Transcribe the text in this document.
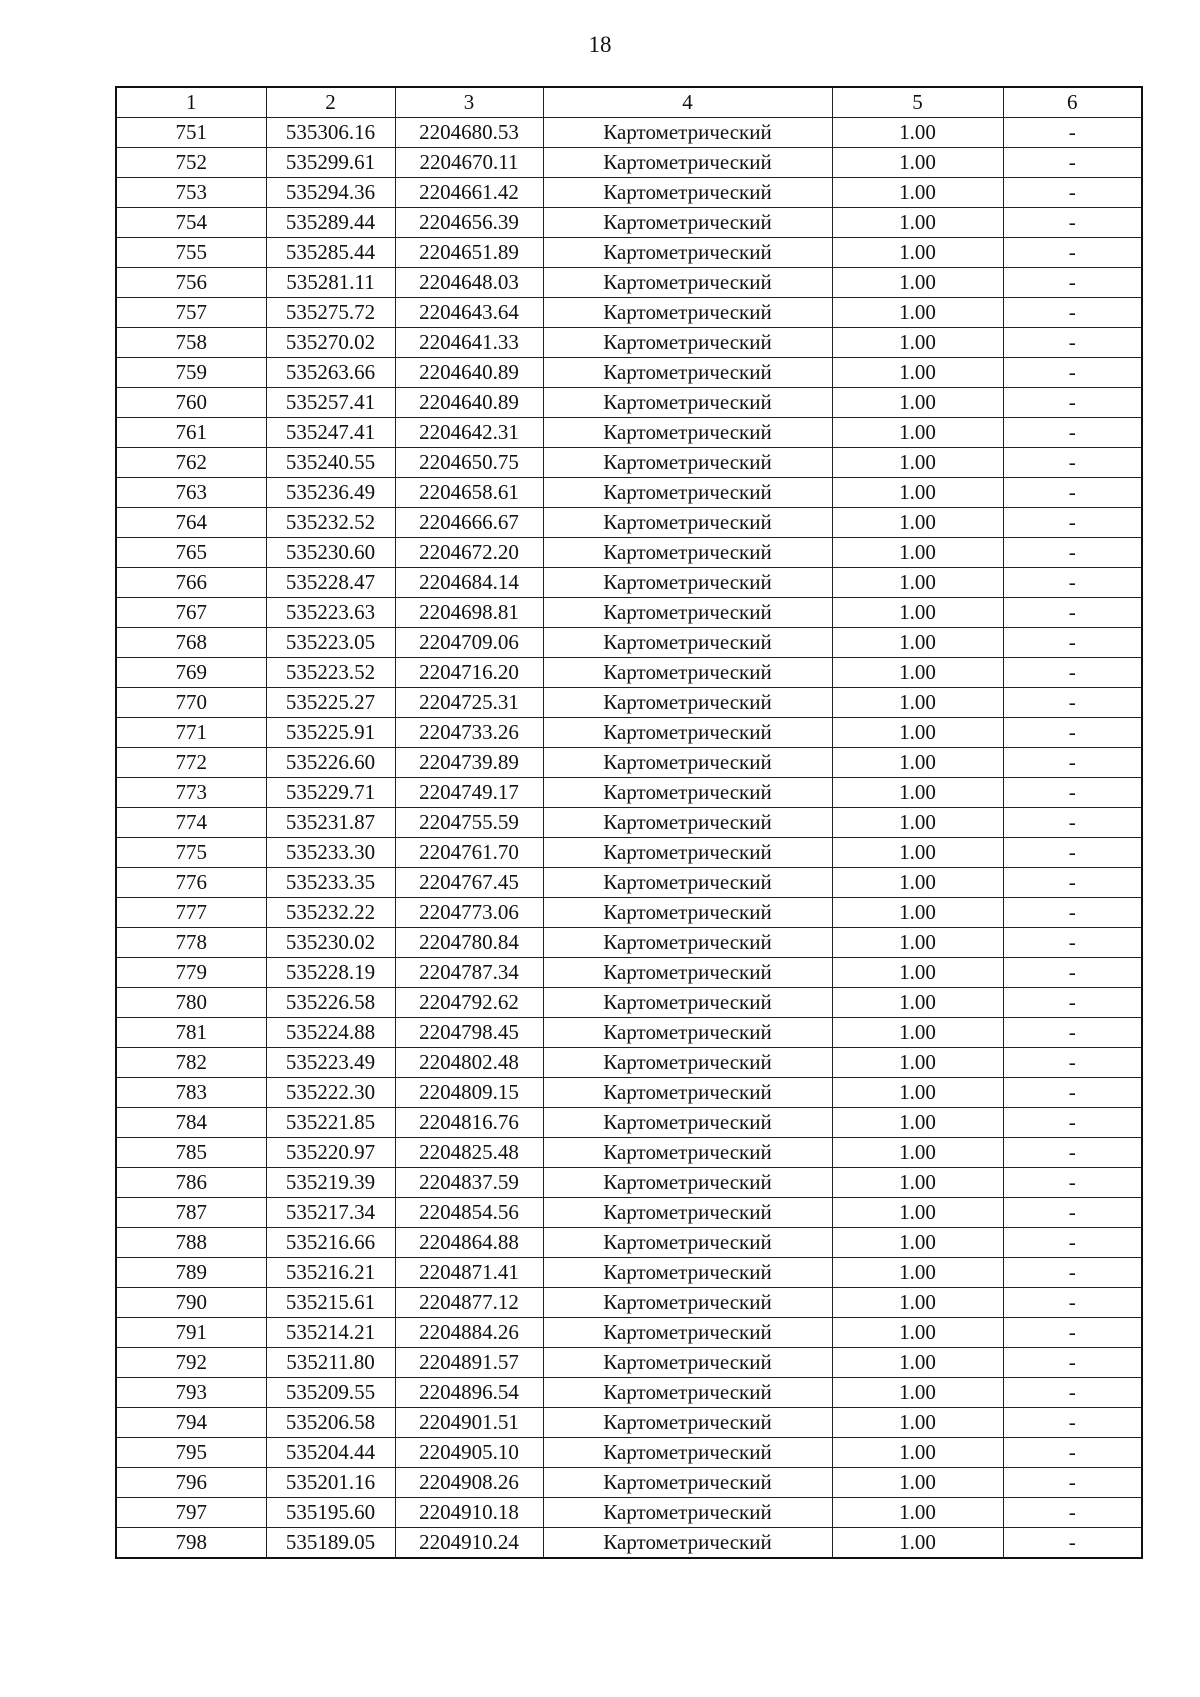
18
1	2	3	4	5	6
751	535306.16	2204680.53	Картометрический	1.00	-
752	535299.61	2204670.11	Картометрический	1.00	-
753	535294.36	2204661.42	Картометрический	1.00	-
754	535289.44	2204656.39	Картометрический	1.00	-
755	535285.44	2204651.89	Картометрический	1.00	-
756	535281.11	2204648.03	Картометрический	1.00	-
757	535275.72	2204643.64	Картометрический	1.00	-
758	535270.02	2204641.33	Картометрический	1.00	-
759	535263.66	2204640.89	Картометрический	1.00	-
760	535257.41	2204640.89	Картометрический	1.00	-
761	535247.41	2204642.31	Картометрический	1.00	-
762	535240.55	2204650.75	Картометрический	1.00	-
763	535236.49	2204658.61	Картометрический	1.00	-
764	535232.52	2204666.67	Картометрический	1.00	-
765	535230.60	2204672.20	Картометрический	1.00	-
766	535228.47	2204684.14	Картометрический	1.00	-
767	535223.63	2204698.81	Картометрический	1.00	-
768	535223.05	2204709.06	Картометрический	1.00	-
769	535223.52	2204716.20	Картометрический	1.00	-
770	535225.27	2204725.31	Картометрический	1.00	-
771	535225.91	2204733.26	Картометрический	1.00	-
772	535226.60	2204739.89	Картометрический	1.00	-
773	535229.71	2204749.17	Картометрический	1.00	-
774	535231.87	2204755.59	Картометрический	1.00	-
775	535233.30	2204761.70	Картометрический	1.00	-
776	535233.35	2204767.45	Картометрический	1.00	-
777	535232.22	2204773.06	Картометрический	1.00	-
778	535230.02	2204780.84	Картометрический	1.00	-
779	535228.19	2204787.34	Картометрический	1.00	-
780	535226.58	2204792.62	Картометрический	1.00	-
781	535224.88	2204798.45	Картометрический	1.00	-
782	535223.49	2204802.48	Картометрический	1.00	-
783	535222.30	2204809.15	Картометрический	1.00	-
784	535221.85	2204816.76	Картометрический	1.00	-
785	535220.97	2204825.48	Картометрический	1.00	-
786	535219.39	2204837.59	Картометрический	1.00	-
787	535217.34	2204854.56	Картометрический	1.00	-
788	535216.66	2204864.88	Картометрический	1.00	-
789	535216.21	2204871.41	Картометрический	1.00	-
790	535215.61	2204877.12	Картометрический	1.00	-
791	535214.21	2204884.26	Картометрический	1.00	-
792	535211.80	2204891.57	Картометрический	1.00	-
793	535209.55	2204896.54	Картометрический	1.00	-
794	535206.58	2204901.51	Картометрический	1.00	-
795	535204.44	2204905.10	Картометрический	1.00	-
796	535201.16	2204908.26	Картометрический	1.00	-
797	535195.60	2204910.18	Картометрический	1.00	-
798	535189.05	2204910.24	Картометрический	1.00	-
